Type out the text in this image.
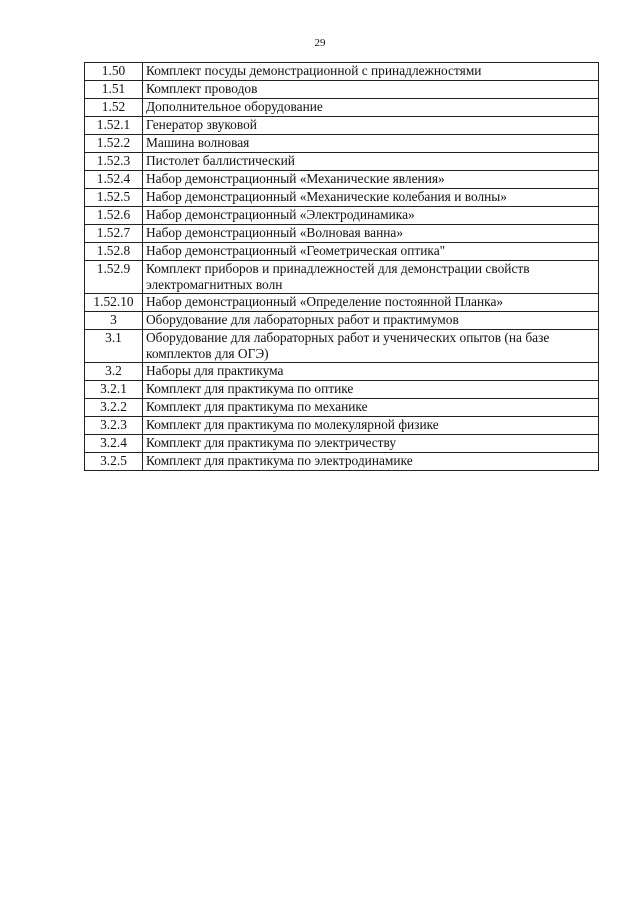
29
1.50	Комплект посуды демонстрационной с принадлежностями
1.51	Комплект проводов
1.52	Дополнительное оборудование
1.52.1	Генератор звуковой
1.52.2	Машина волновая
1.52.3	Пистолет баллистический
1.52.4	Набор демонстрационный «Механические явления»
1.52.5	Набор демонстрационный «Механические колебания и волны»
1.52.6	Набор демонстрационный «Электродинамика»
1.52.7	Набор демонстрационный «Волновая ванна»
1.52.8	Набор демонстрационный «Геометрическая оптика"
1.52.9	Комплект приборов и принадлежностей для демонстрации свойств электромагнитных волн
1.52.10	Набор демонстрационный «Определение постоянной Планка»
3	Оборудование для лабораторных работ и практимумов
3.1	Оборудование для лабораторных работ и ученических опытов (на базе комплектов для ОГЭ)
3.2	Наборы для практикума
3.2.1	Комплект для практикума по оптике
3.2.2	Комплект для практикума по механике
3.2.3	Комплект для практикума по молекулярной физике
3.2.4	Комплект для практикума по электричеству
3.2.5	Комплект для практикума по электродинамике
